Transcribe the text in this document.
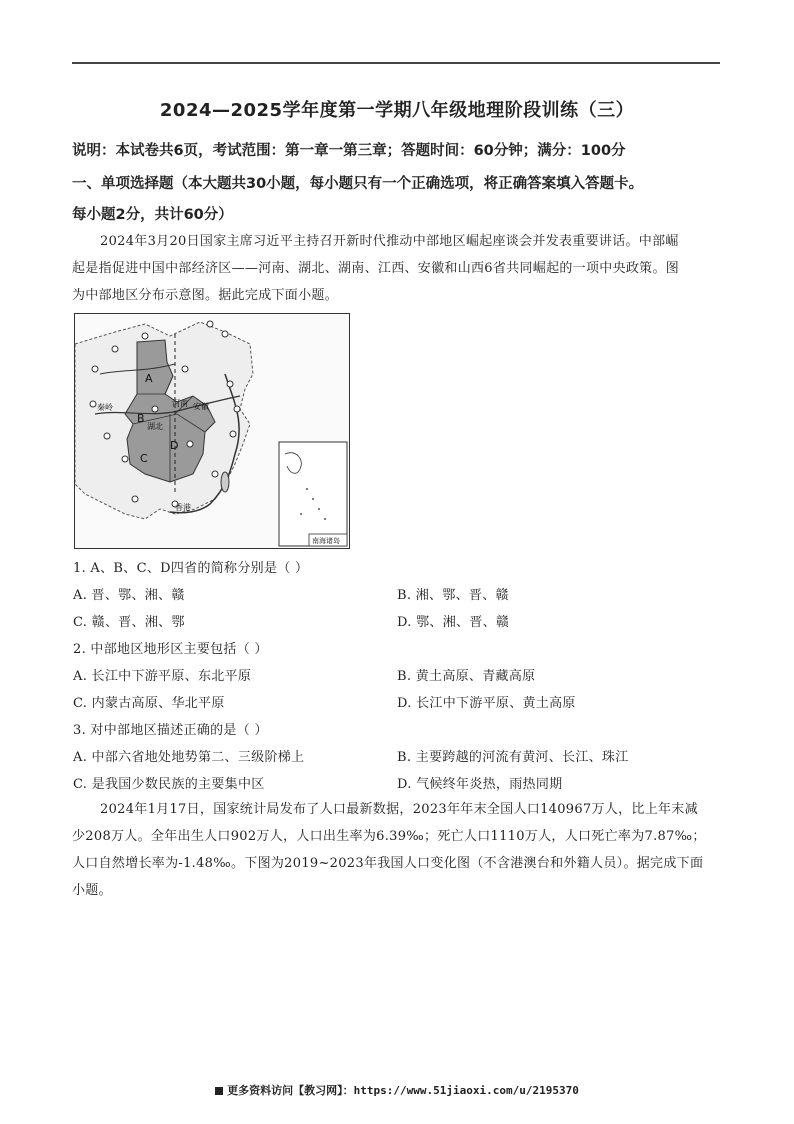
2024—2025学年度第一学期八年级地理阶段训练（三）
说明：本试卷共6页，考试范围：第一章一第三章；答题时间：60分钟；满分：100分
一、单项选择题（本大题共30小题，每小题只有一个正确选项，将正确答案填入答题卡。
每小题2分，共计60分）
2024年3月20日国家主席习近平主持召开新时代推动中部地区崛起座谈会并发表重要讲话。中部崛
起是指促进中国中部经济区——河南、湖北、湖南、江西、安徽和山西6省共同崛起的一项中央政策。图
为中部地区分布示意图。据此完成下面小题。
A
B
C
D
秦岭
湖北
安徽
河南
香港
南海诸岛
1. A、B、C、D四省的简称分别是（ ）
A. 晋、鄂、湘、赣	B. 湘、鄂、晋、赣
C. 赣、晋、湘、鄂	D. 鄂、湘、晋、赣
2. 中部地区地形区主要包括（ ）
A. 长江中下游平原、东北平原	B. 黄土高原、青藏高原
C. 内蒙古高原、华北平原	D. 长江中下游平原、黄土高原
3. 对中部地区描述正确的是（ ）
A. 中部六省地处地势第二、三级阶梯上	B. 主要跨越的河流有黄河、长江、珠江
C. 是我国少数民族的主要集中区	D. 气候终年炎热，雨热同期
2024年1月17日，国家统计局发布了人口最新数据，2023年年末全国人口140967万人，比上年末减
少208万人。全年出生人口902万人，人口出生率为6.39‰；死亡人口1110万人，人口死亡率为7.87‰；
人口自然增长率为-1.48‰。下图为2019~2023年我国人口变化图（不含港澳台和外籍人员）。据完成下面
小题。
更多资料访问【教习网】：https://www.51jiaoxi.com/u/2195370
